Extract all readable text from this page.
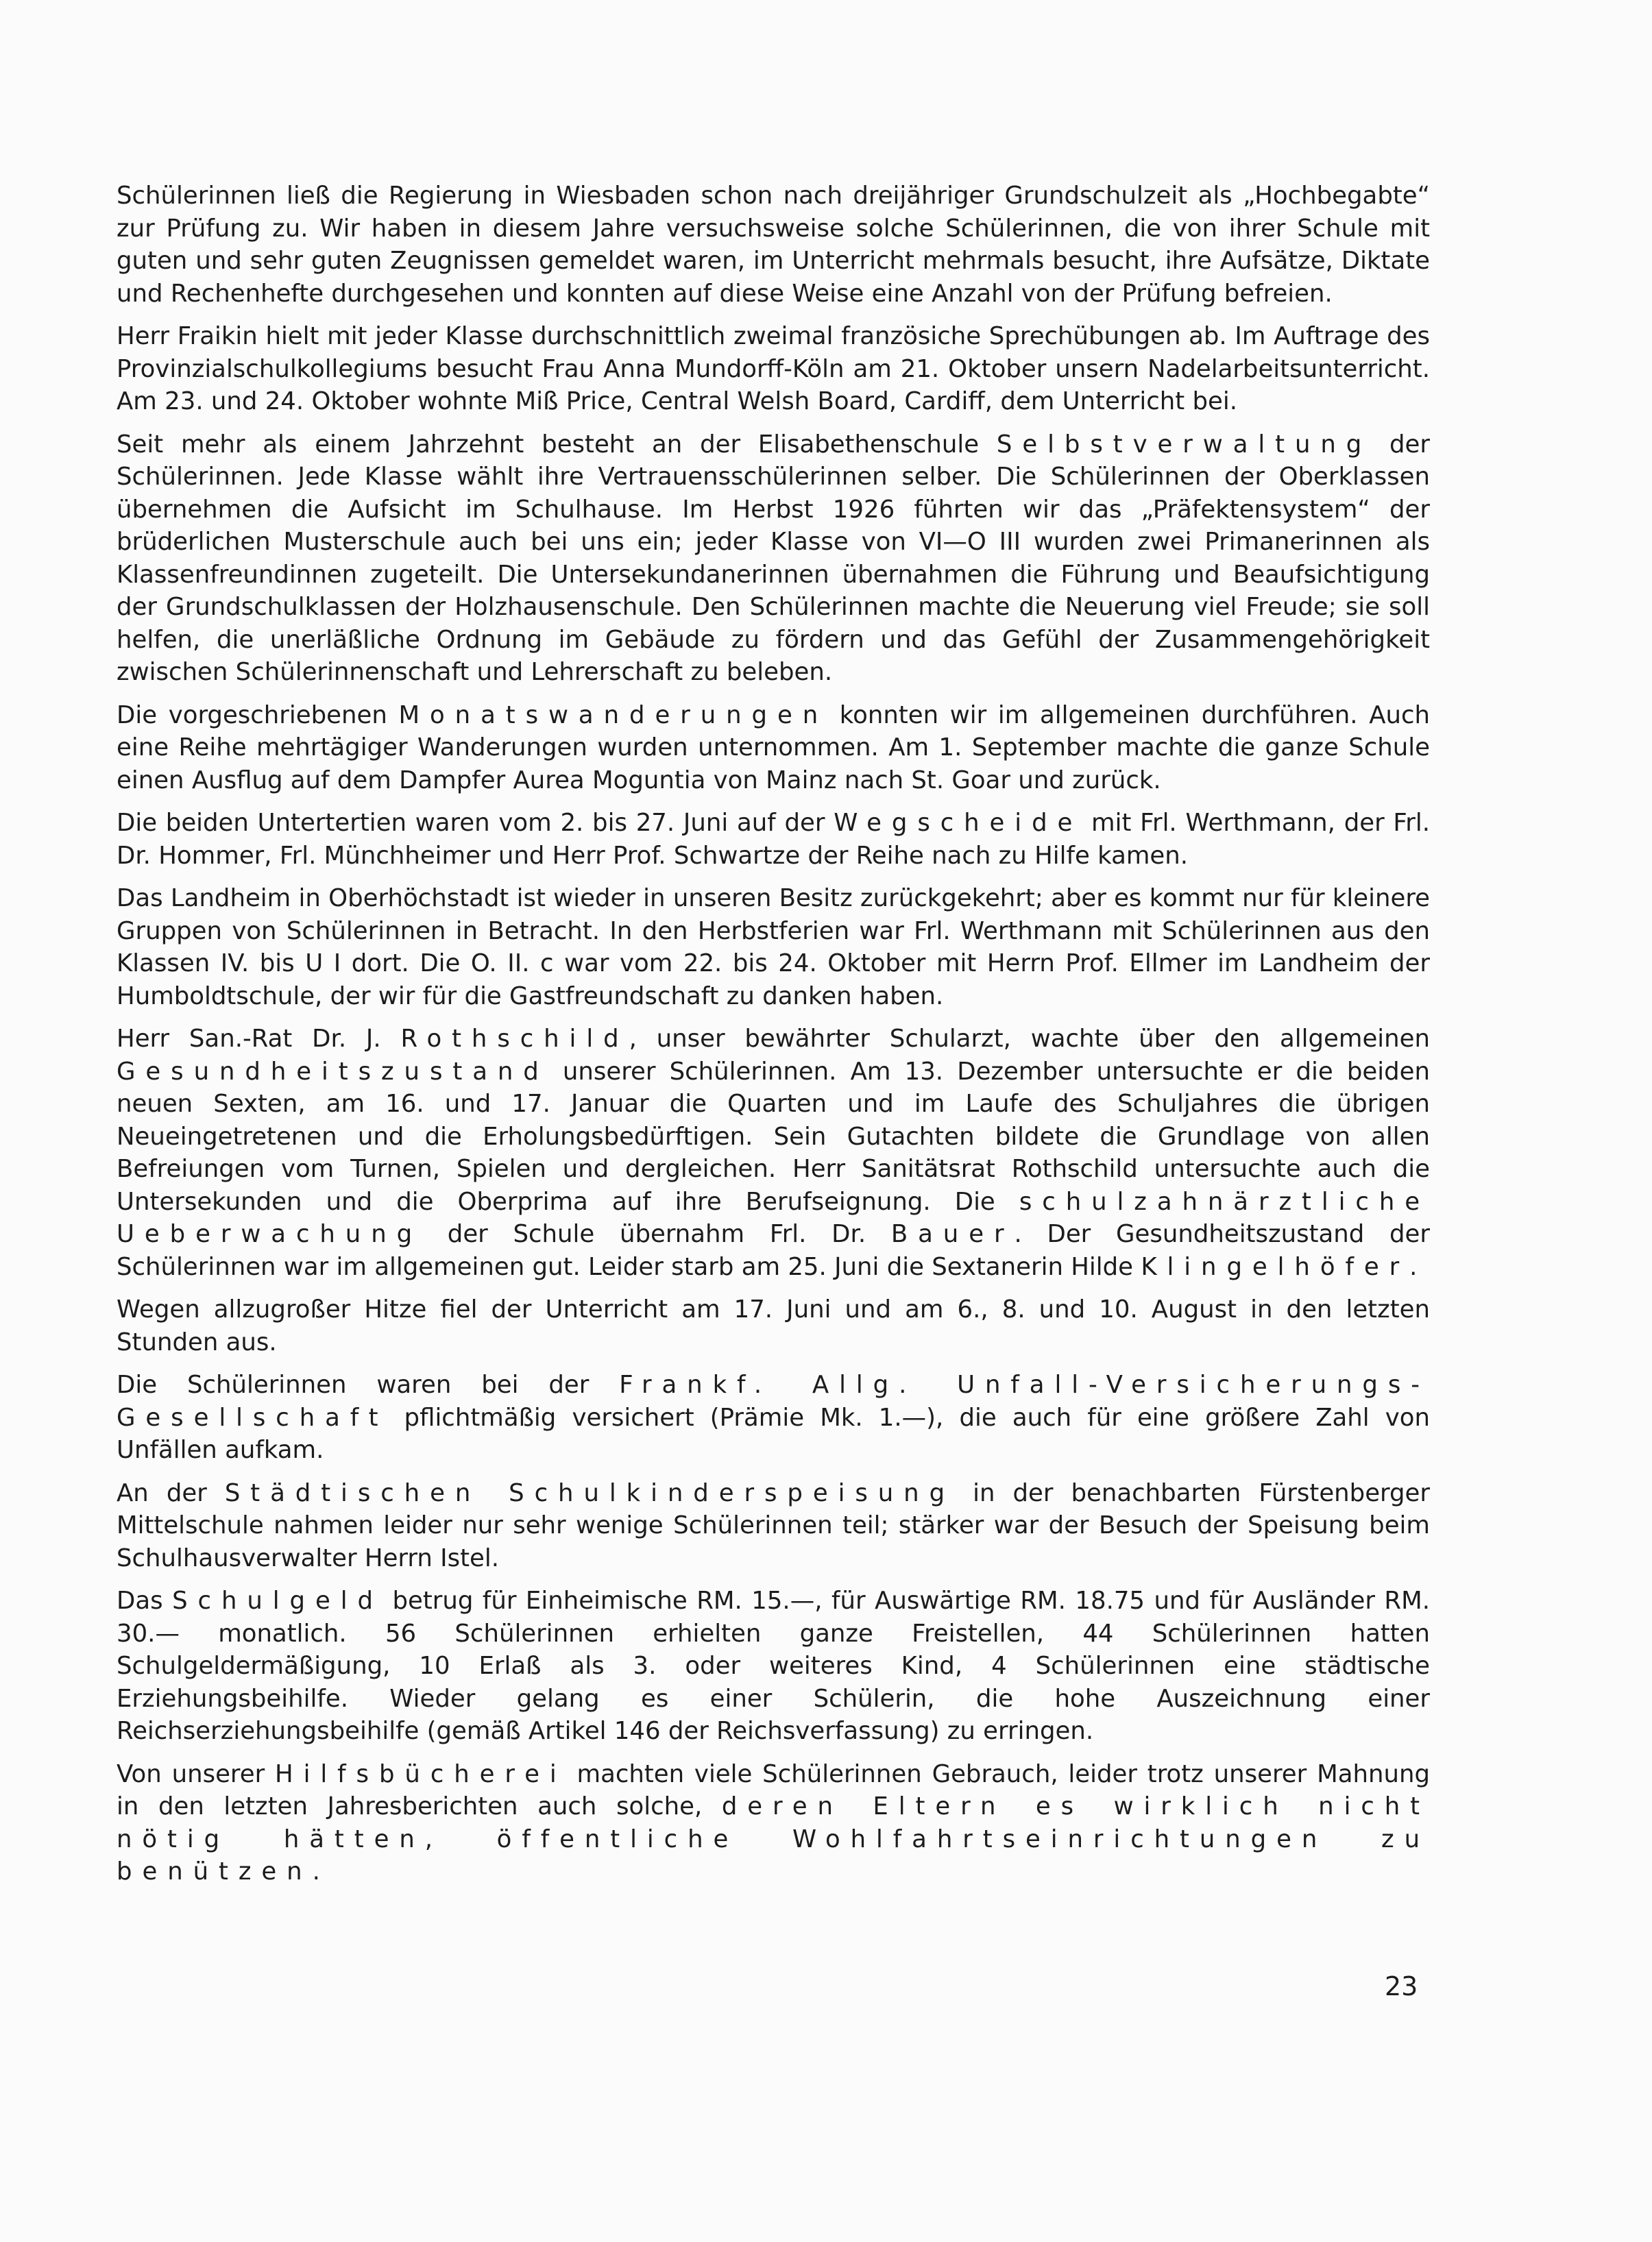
Schülerinnen ließ die Regierung in Wiesbaden schon nach dreijähriger Grundschulzeit als „Hochbegabte“ zur Prüfung zu. Wir haben in diesem Jahre versuchsweise solche Schülerinnen, die von ihrer Schule mit guten und sehr guten Zeugnissen gemeldet waren, im Unterricht mehrmals besucht, ihre Aufsätze, Diktate und Rechenhefte durchgesehen und konnten auf diese Weise eine Anzahl von der Prüfung befreien.

Herr Fraikin hielt mit jeder Klasse durchschnittlich zweimal französiche Sprechübungen ab. Im Auftrage des Provinzialschulkollegiums besucht Frau Anna Mundorff-Köln am 21. Oktober unsern Nadelarbeitsunterricht. Am 23. und 24. Oktober wohnte Miß Price, Central Welsh Board, Cardiff, dem Unterricht bei.

Seit mehr als einem Jahrzehnt besteht an der Elisabethenschule Selbstverwaltung der Schülerinnen. Jede Klasse wählt ihre Vertrauensschülerinnen selber. Die Schülerinnen der Oberklassen übernehmen die Aufsicht im Schulhause. Im Herbst 1926 führten wir das „Präfektensystem“ der brüderlichen Musterschule auch bei uns ein; jeder Klasse von VI—O III wurden zwei Primanerinnen als Klassenfreundinnen zugeteilt. Die Untersekundanerinnen übernahmen die Führung und Beaufsichtigung der Grundschulklassen der Holzhausenschule. Den Schülerinnen machte die Neuerung viel Freude; sie soll helfen, die unerläßliche Ordnung im Gebäude zu fördern und das Gefühl der Zusammengehörigkeit zwischen Schülerinnenschaft und Lehrerschaft zu beleben.

Die vorgeschriebenen Monatswanderungen konnten wir im allgemeinen durchführen. Auch eine Reihe mehrtägiger Wanderungen wurden unternommen. Am 1. September machte die ganze Schule einen Ausflug auf dem Dampfer Aurea Moguntia von Mainz nach St. Goar und zurück.

Die beiden Untertertien waren vom 2. bis 27. Juni auf der Wegscheide mit Frl. Werthmann, der Frl. Dr. Hommer, Frl. Münchheimer und Herr Prof. Schwartze der Reihe nach zu Hilfe kamen.

Das Landheim in Oberhöchstadt ist wieder in unseren Besitz zurückgekehrt; aber es kommt nur für kleinere Gruppen von Schülerinnen in Betracht. In den Herbstferien war Frl. Werthmann mit Schülerinnen aus den Klassen IV. bis U I dort. Die O. II. c war vom 22. bis 24. Oktober mit Herrn Prof. Ellmer im Landheim der Humboldtschule, der wir für die Gastfreundschaft zu danken haben.

Herr San.-Rat Dr. J. Rothschild, unser bewährter Schularzt, wachte über den allgemeinen Gesundheitszustand unserer Schülerinnen. Am 13. Dezember untersuchte er die beiden neuen Sexten, am 16. und 17. Januar die Quarten und im Laufe des Schuljahres die übrigen Neueingetretenen und die Erholungsbedürftigen. Sein Gutachten bildete die Grundlage von allen Befreiungen vom Turnen, Spielen und dergleichen. Herr Sanitätsrat Rothschild untersuchte auch die Untersekunden und die Oberprima auf ihre Berufseignung. Die schulzahnärztliche Ueberwachung der Schule übernahm Frl. Dr. Bauer. Der Gesundheitszustand der Schülerinnen war im allgemeinen gut. Leider starb am 25. Juni die Sextanerin Hilde Klingelhöfer.

Wegen allzugroßer Hitze fiel der Unterricht am 17. Juni und am 6., 8. und 10. August in den letzten Stunden aus.

Die Schülerinnen waren bei der Frankf. Allg. Unfall-Versicherungs-Gesellschaft pflichtmäßig versichert (Prämie Mk. 1.—), die auch für eine größere Zahl von Unfällen aufkam.

An der Städtischen Schulkinderspeisung in der benachbarten Fürstenberger Mittelschule nahmen leider nur sehr wenige Schülerinnen teil; stärker war der Besuch der Speisung beim Schulhausverwalter Herrn Istel.

Das Schulgeld betrug für Einheimische RM. 15.—, für Auswärtige RM. 18.75 und für Ausländer RM. 30.— monatlich. 56 Schülerinnen erhielten ganze Freistellen, 44 Schülerinnen hatten Schulgeldermäßigung, 10 Erlaß als 3. oder weiteres Kind, 4 Schülerinnen eine städtische Erziehungsbeihilfe. Wieder gelang es einer Schülerin, die hohe Auszeichnung einer Reichserziehungsbeihilfe (gemäß Artikel 146 der Reichsverfassung) zu erringen.

Von unserer Hilfsbücherei machten viele Schülerinnen Gebrauch, leider trotz unserer Mahnung in den letzten Jahresberichten auch solche, deren Eltern es wirklich nicht nötig hätten, öffentliche Wohlfahrtseinrichtungen zu benützen.

23
